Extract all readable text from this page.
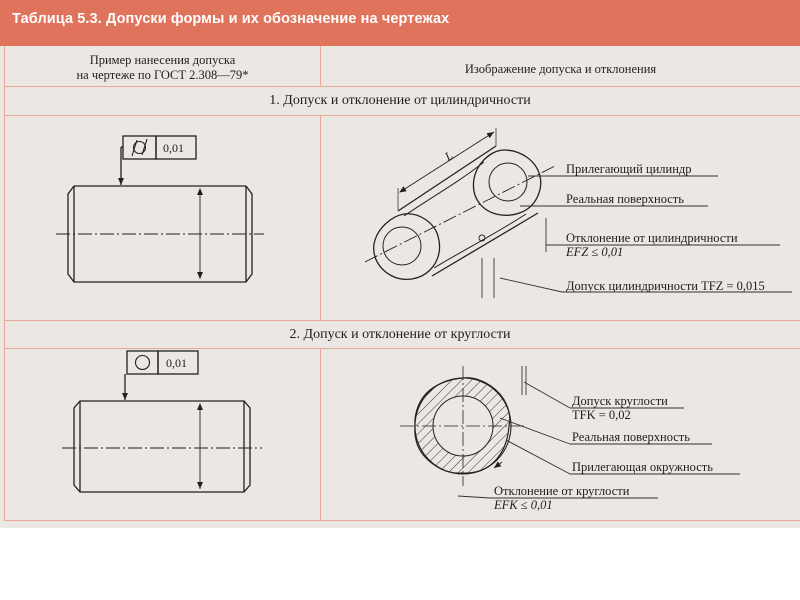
Таблица 5.3. Допуски формы и их обозначение на чертежах
Пример нанесения допуска
на чертеже по ГОСТ 2.308—79*	Изображение допуска и отклонения
1. Допуск и отклонение от цилиндричности
2. Допуск и отклонение от круглости
0,01
L
0,01
Прилегающий цилиндр
Реальная поверхность
Отклонение от цилиндричности
EFZ ≤ 0,01
Допуск цилиндричности TFZ = 0,015
Допуск круглости
TFK = 0,02
Реальная поверхность
Прилегающая окружность
Отклонение от круглости
EFK ≤ 0,01
